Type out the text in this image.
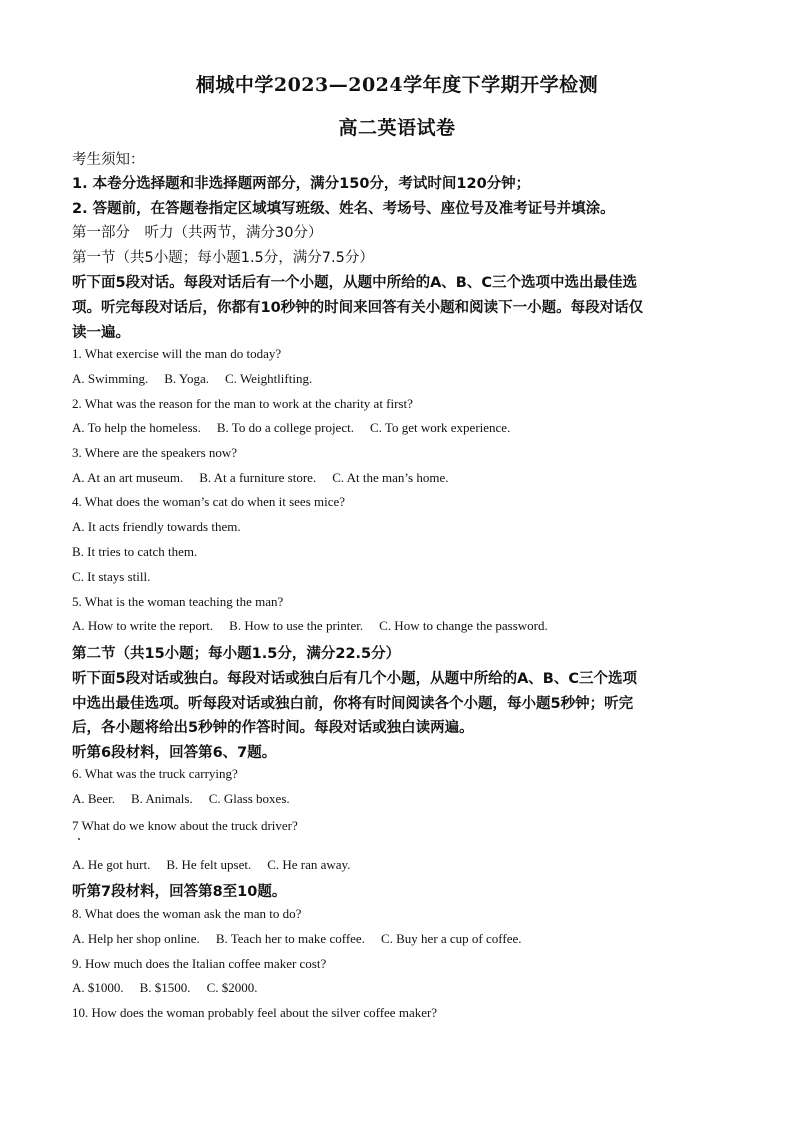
桐城中学2023—2024学年度下学期开学检测
高二英语试卷
考生须知：
1. 本卷分选择题和非选择题两部分，满分150分，考试时间120分钟；
2. 答题前，在答题卷指定区域填写班级、姓名、考场号、座位号及准考证号并填涂。
第一部分　听力（共两节，满分30分）
第一节（共5小题；每小题1.5分，满分7.5分）
听下面5段对话。每段对话后有一个小题，从题中所给的A、B、C三个选项中选出最佳选
项。听完每段对话后，你都有10秒钟的时间来回答有关小题和阅读下一小题。每段对话仅
读一遍。
1. What exercise will the man do today?
A. Swimming. B. Yoga. C. Weightlifting.
2. What was the reason for the man to work at the charity at first?
A. To help the homeless. B. To do a college project. C. To get work experience.
3. Where are the speakers now?
A. At an art museum. B. At a furniture store. C. At the man’s home.
4. What does the woman’s cat do when it sees mice?
A. It acts friendly towards them.
B. It tries to catch them.
C. It stays still.
5. What is the woman teaching the man?
A. How to write the report. B. How to use the printer. C. How to change the password.
第二节（共15小题；每小题1.5分，满分22.5分）
听下面5段对话或独白。每段对话或独白后有几个小题，从题中所给的A、B、C三个选项
中选出最佳选项。听每段对话或独白前，你将有时间阅读各个小题，每小题5秒钟；听完
后，各小题将给出5秒钟的作答时间。每段对话或独白读两遍。
听第6段材料，回答第6、7题。
6. What was the truck carrying?
A. Beer. B. Animals. C. Glass boxes.
7 What do we know about the truck driver?
A. He got hurt. B. He felt upset. C. He ran away.
听第7段材料，回答第8至10题。
8. What does the woman ask the man to do?
A. Help her shop online. B. Teach her to make coffee. C. Buy her a cup of coffee.
9. How much does the Italian coffee maker cost?
A. $1000. B. $1500. C. $2000.
10. How does the woman probably feel about the silver coffee maker?
